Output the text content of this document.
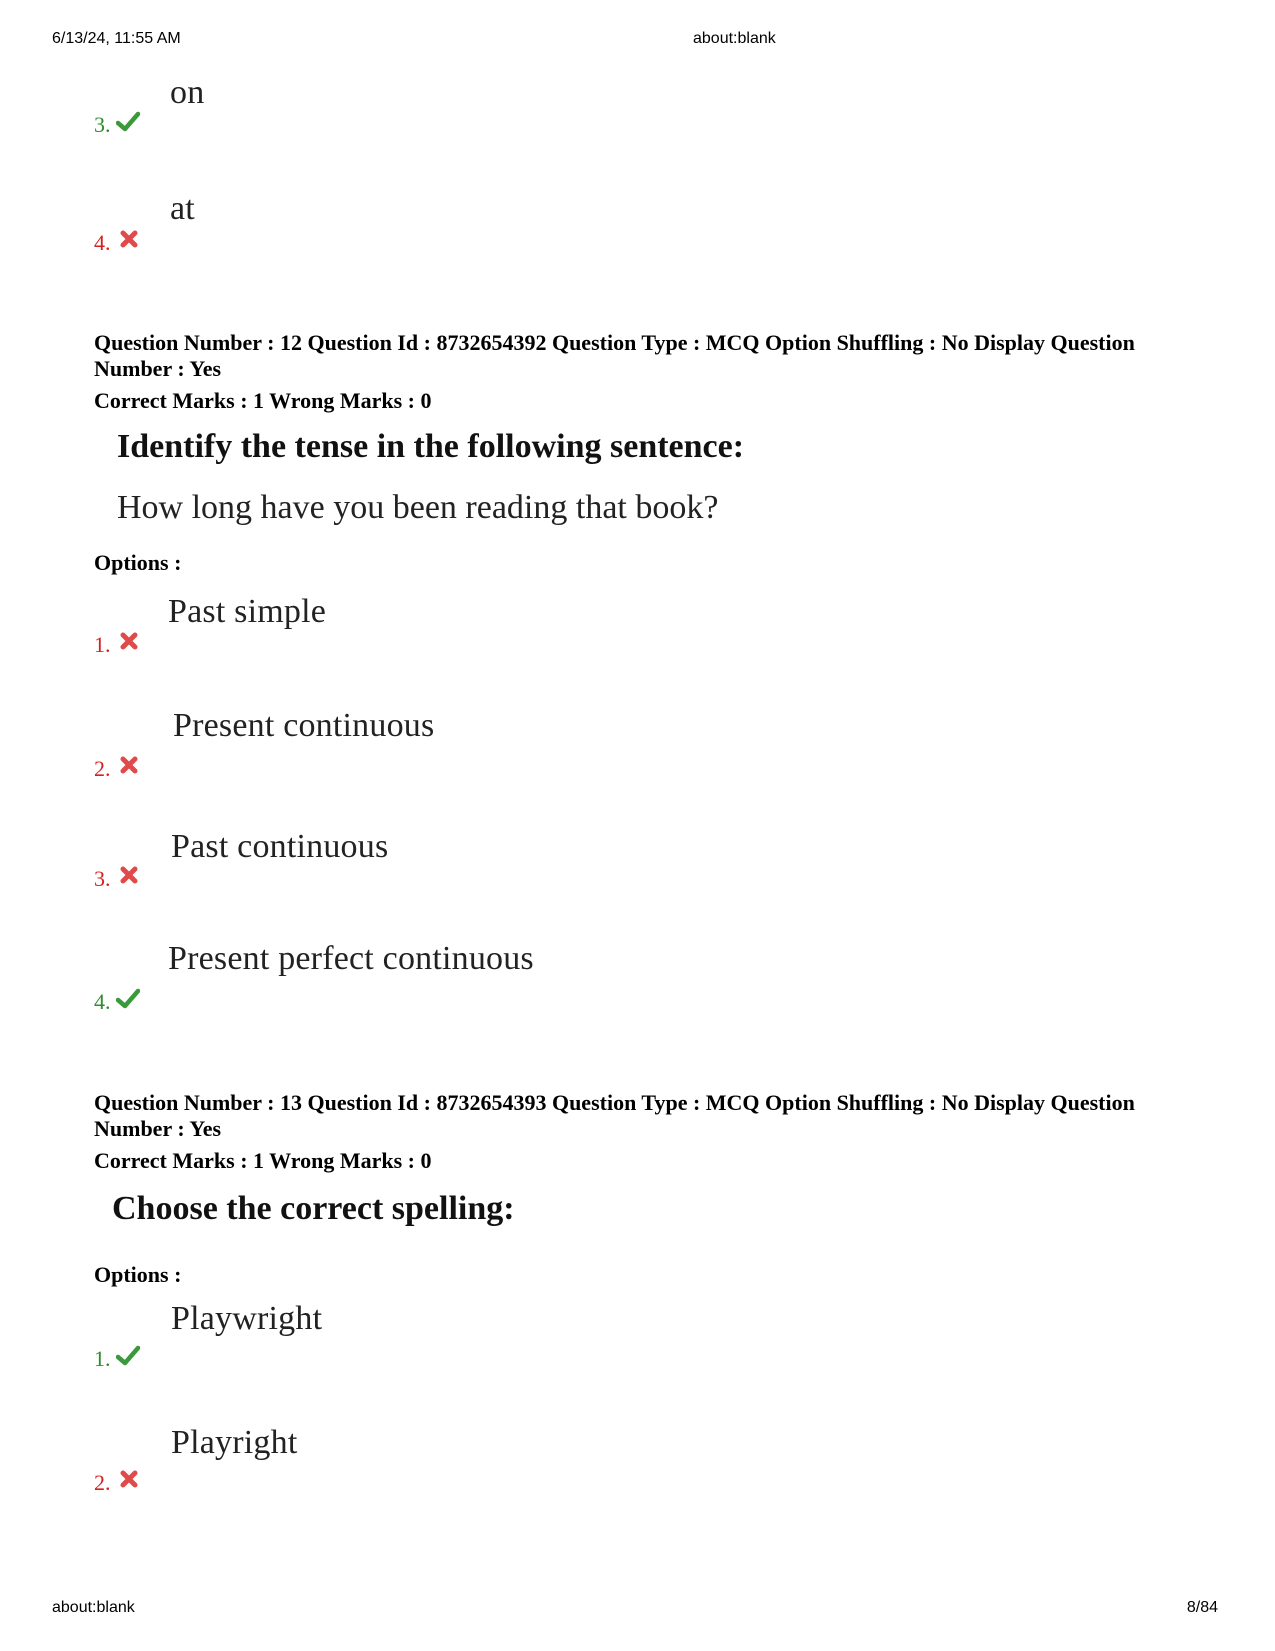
6/13/24, 11:55 AM	about:blank
3.
on
4.
at
Question Number : 12 Question Id : 8732654392 Question Type : MCQ Option Shuffling : No Display Question Number : Yes
Correct Marks : 1 Wrong Marks : 0
Identify the tense in the following sentence:
How long have you been reading that book?
Options :
1.
Past simple
2.
Present continuous
3.
Past continuous
4.
Present perfect continuous
Question Number : 13 Question Id : 8732654393 Question Type : MCQ Option Shuffling : No Display Question Number : Yes
Correct Marks : 1 Wrong Marks : 0
Choose the correct spelling:
Options :
1.
Playwright
2.
Playright
about:blank	8/84
